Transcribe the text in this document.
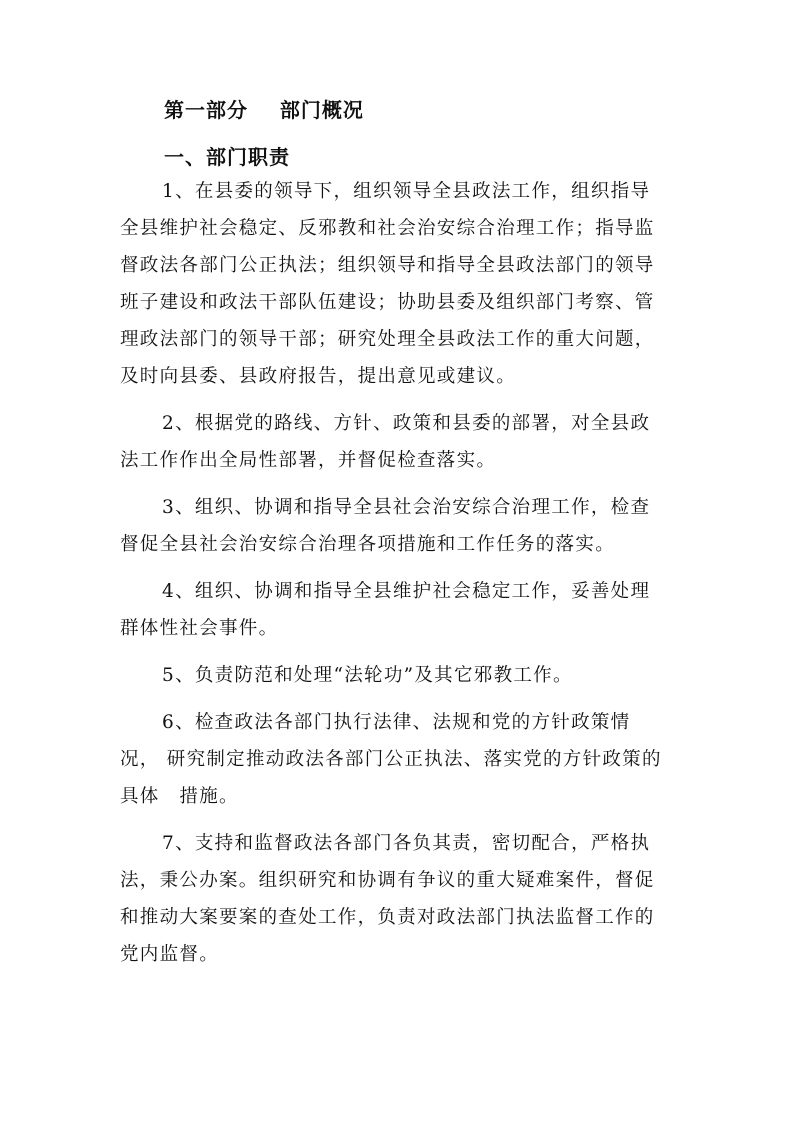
第一部分    部门概况
一、部门职责

1、在县委的领导下，组织领导全县政法工作，组织指导　全县维护社会稳定、反邪教和社会治安综合治理工作；指导监 督政法各部门公正执法；组织领导和指导全县政法部门的领导 班子建设和政法干部队伍建设；协助县委及组织部门考察、管 理政法部门的领导干部；研究处理全县政法工作的重大问题， 及时向县委、县政府报告，提出意见或建议。

2、根据党的路线、方针、政策和县委的部署，对全县政 法工作作出全局性部署，并督促检查落实。

3、组织、协调和指导全县社会治安综合治理工作，检查 督促全县社会治安综合治理各项措施和工作任务的落实。

4、组织、协调和指导全县维护社会稳定工作，妥善处理 群体性社会事件。

5、负责防范和处理“法轮功”及其它邪教工作。

6、检查政法各部门执行法律、法规和党的方针政策情况， 研究制定推动政法各部门公正执法、落实党的方针政策的具体　措施。

7、支持和监督政法各部门各负其责，密切配合，严格执 法，秉公办案。组织研究和协调有争议的重大疑难案件，督促 和推动大案要案的查处工作，负责对政法部门执法监督工作的 党内监督。
